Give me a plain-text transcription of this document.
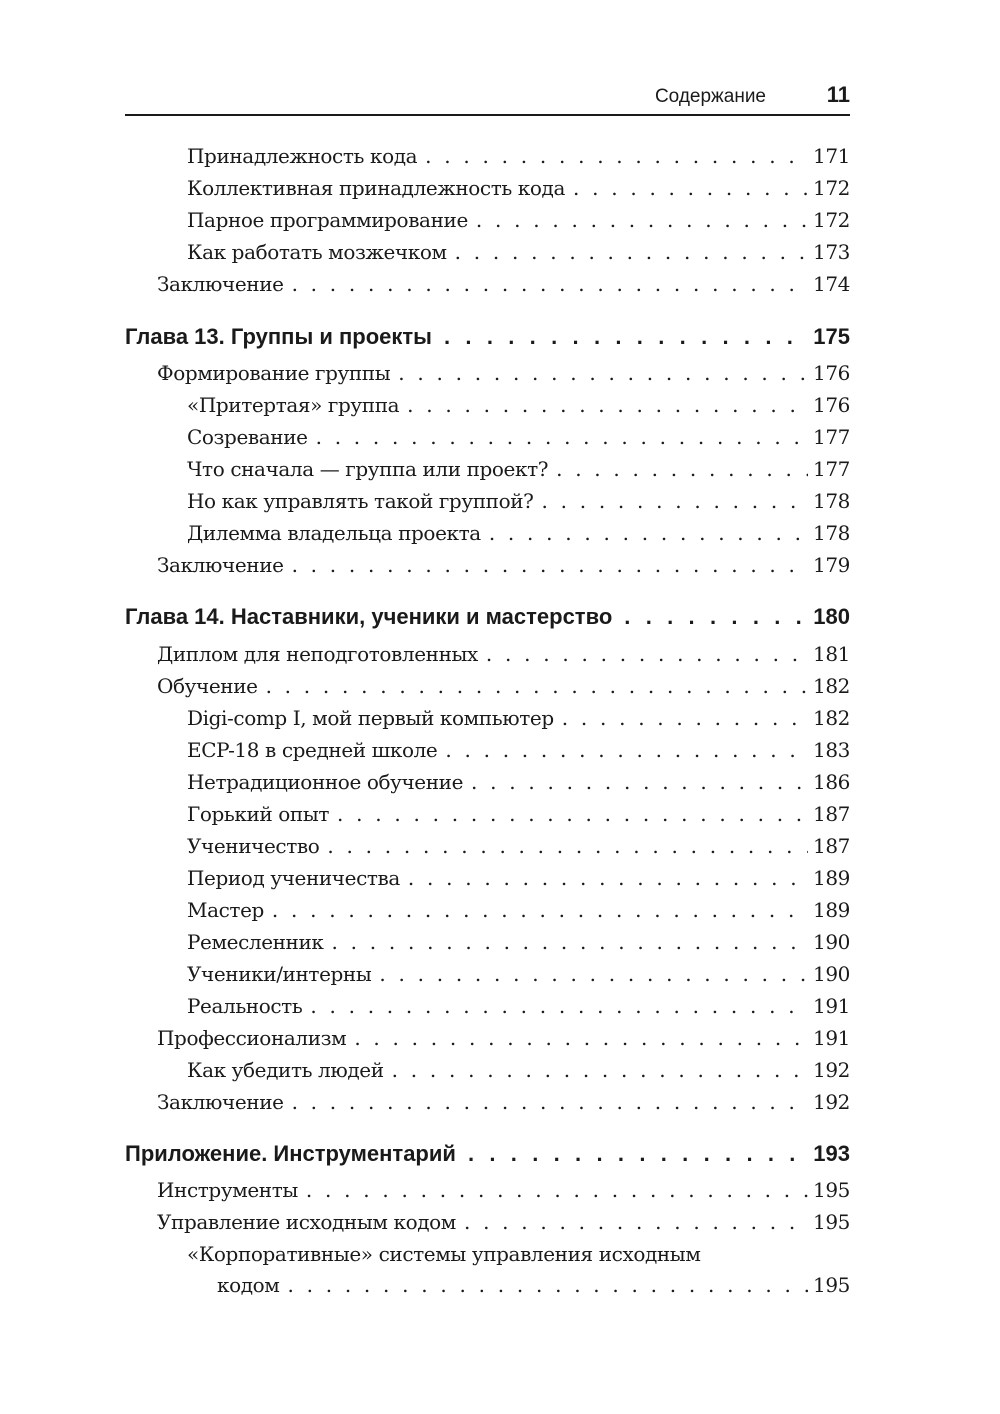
Содержание	11
Принадлежность кода . . .	171
Коллективная принадлежность кода . . .	172
Парное программирование . . .	172
Как работать мозжечком . . .	173
Заключение . . .	174
Глава 13. Группы и проекты . . .	175
Формирование группы . . .	176
«Притертая» группа . . .	176
Созревание . . .	177
Что сначала — группа или проект? . . .	177
Но как управлять такой группой? . . .	178
Дилемма владельца проекта . . .	178
Заключение . . .	179
Глава 14. Наставники, ученики и мастерство . . .	180
Диплом для неподготовленных . . .	181
Обучение . . .	182
Digi-comp I, мой первый компьютер . . .	182
ECP-18 в средней школе . . .	183
Нетрадиционное обучение . . .	186
Горький опыт . . .	187
Ученичество . . .	187
Период ученичества . . .	189
Мастер . . .	189
Ремесленник . . .	190
Ученики/интерны . . .	190
Реальность . . .	191
Профессионализм . . .	191
Как убедить людей . . .	192
Заключение . . .	192
Приложение. Инструментарий . . .	193
Инструменты . . .	195
Управление исходным кодом . . .	195
«Корпоративные» системы управления исходным
кодом . . .	195
